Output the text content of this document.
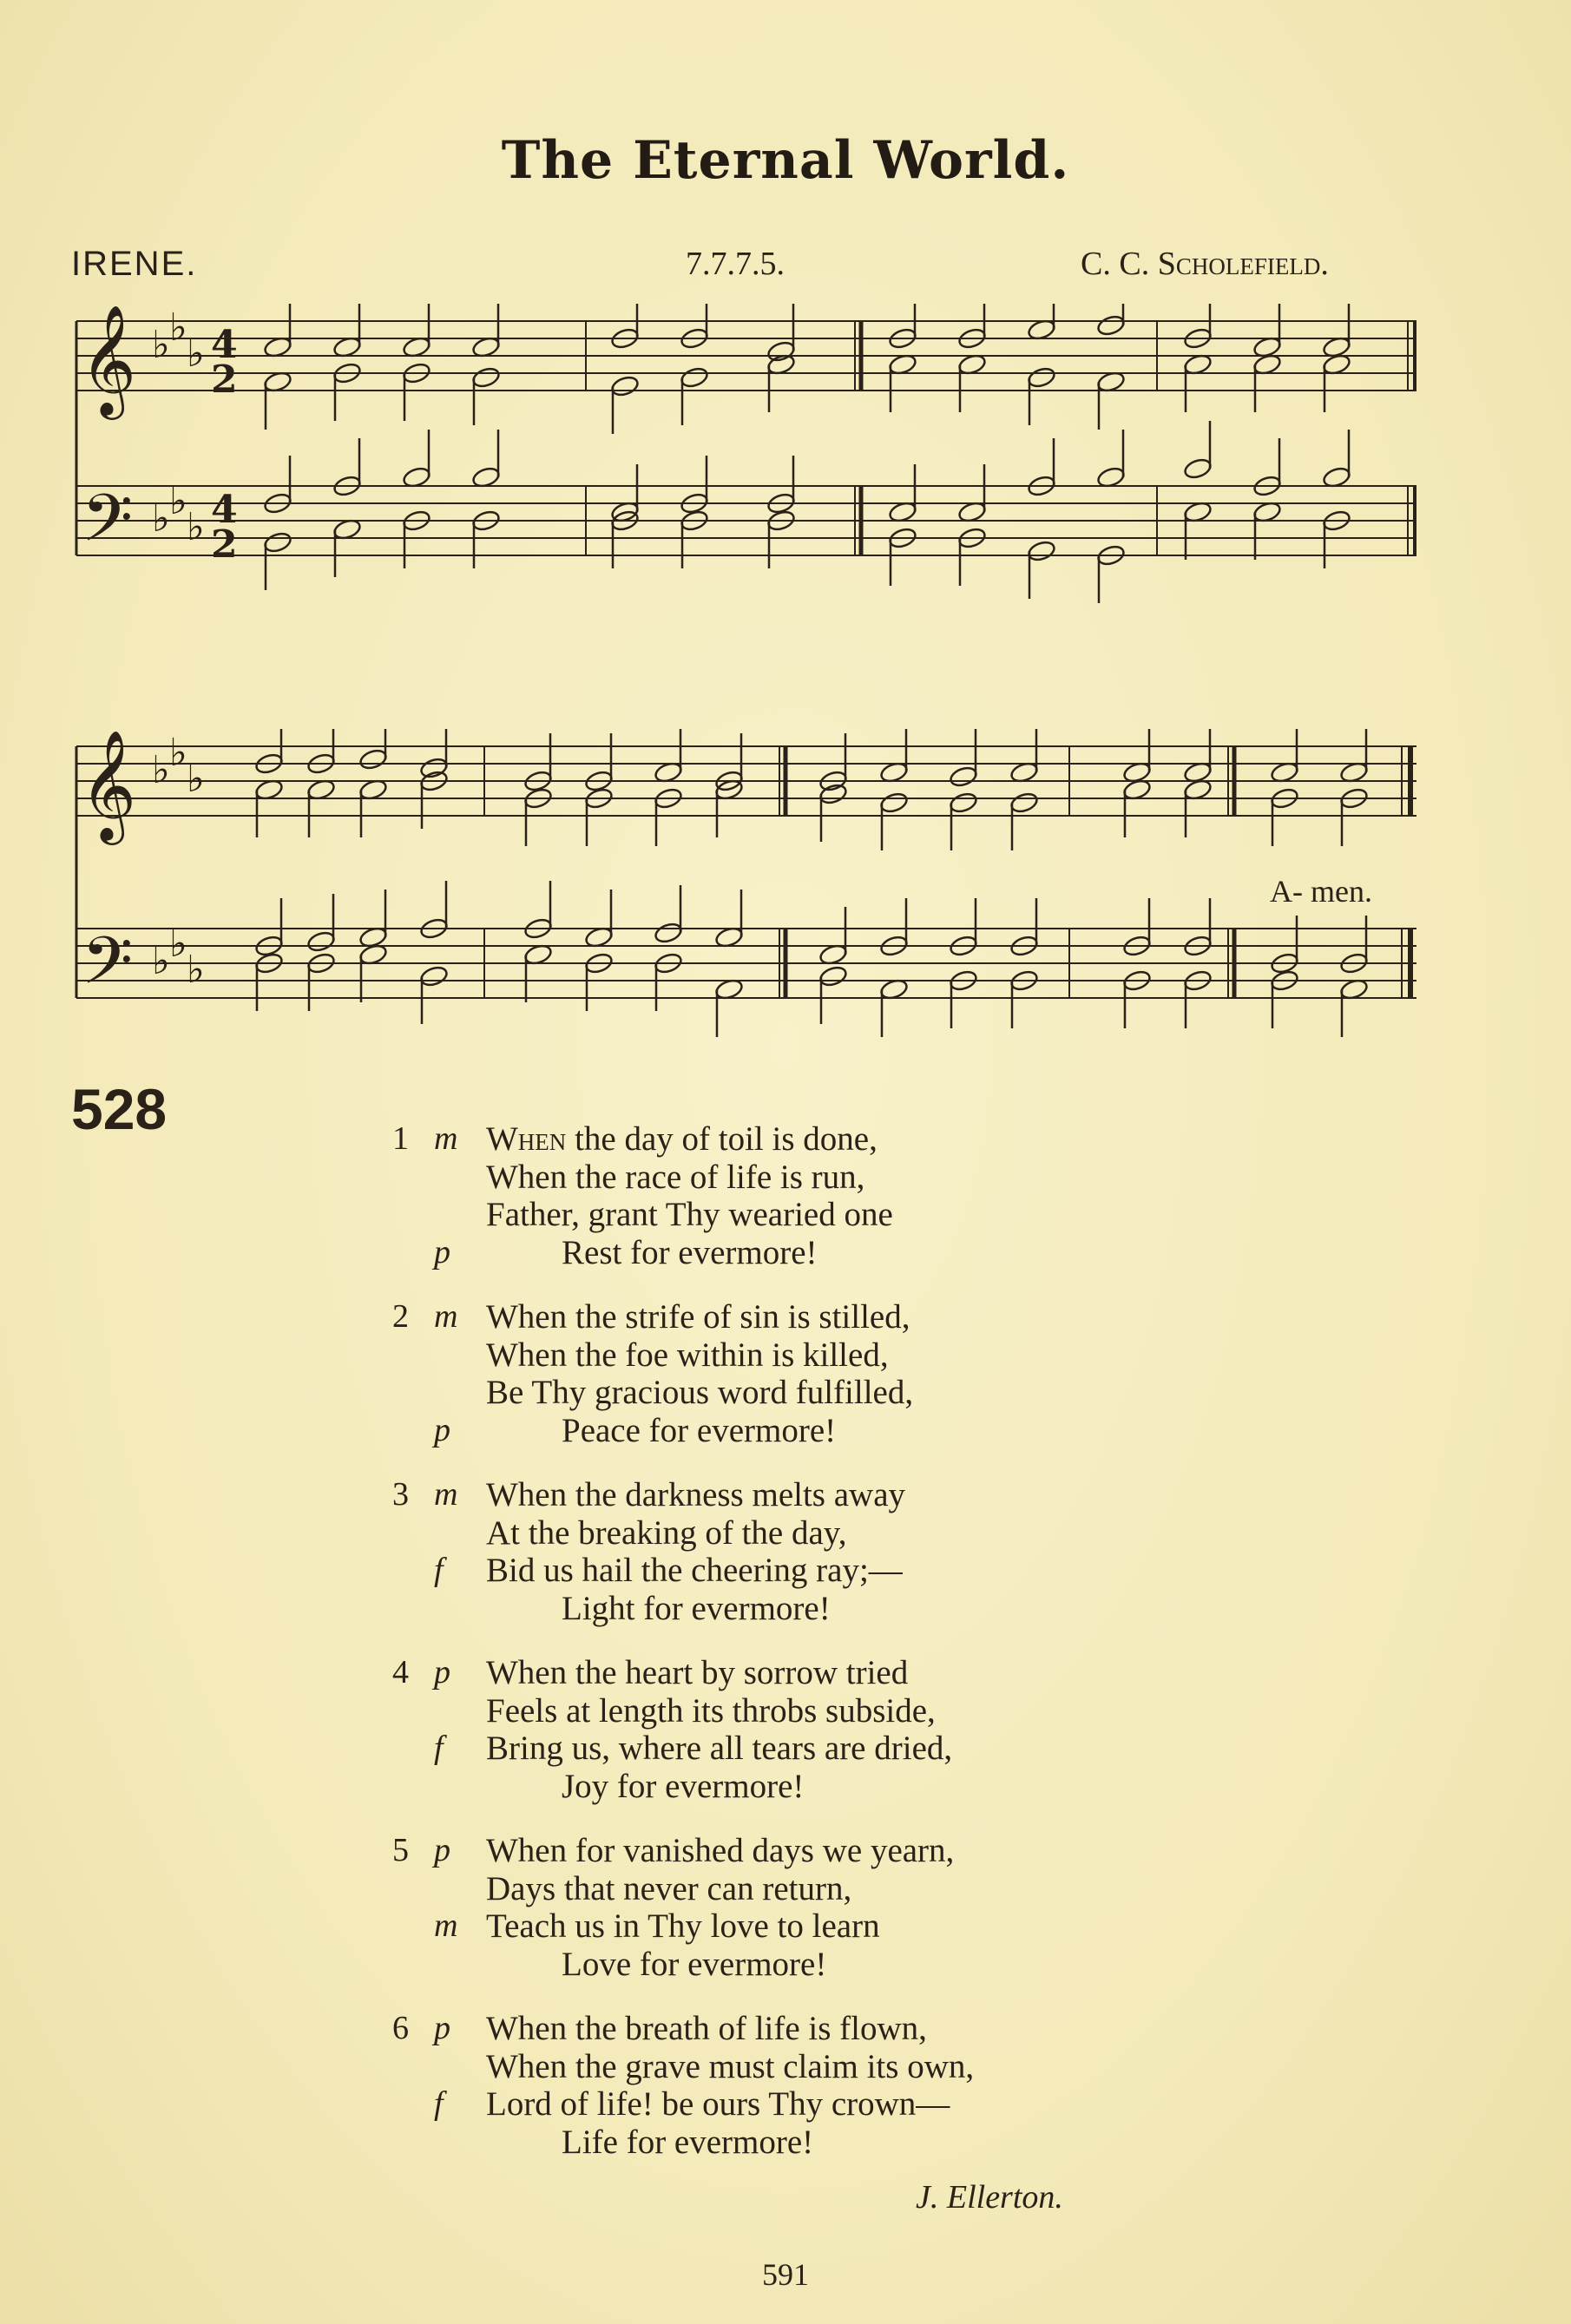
The Eternal World.
IRENE.	7.7.7.5.	C. C. Scholefield.
𝄞
𝄢
♭ ♭
♭
♭ ♭
♭
4
2
4
2
𝄞
𝄢
♭ ♭
♭
♭ ♭
♭
A- men.
528	1 m When the day of toil is done,
When the race of life is run,
Father, grant Thy wearied one
p	Rest for evermore!
2 m When the strife of sin is stilled,
When the foe within is killed,
Be Thy gracious word fulfilled,
p	Peace for evermore!
3 m When the darkness melts away
At the breaking of the day,
f Bid us hail the cheering ray;—
Light for evermore!
4 p When the heart by sorrow tried
Feels at length its throbs subside,
f Bring us, where all tears are dried,
Joy for evermore!
5 p When for vanished days we yearn,
Days that never can return,
m Teach us in Thy love to learn
Love for evermore!
6 p When the breath of life is flown,
When the grave must claim its own,
f Lord of life! be ours Thy crown—
Life for evermore!
J. Ellerton.
591
